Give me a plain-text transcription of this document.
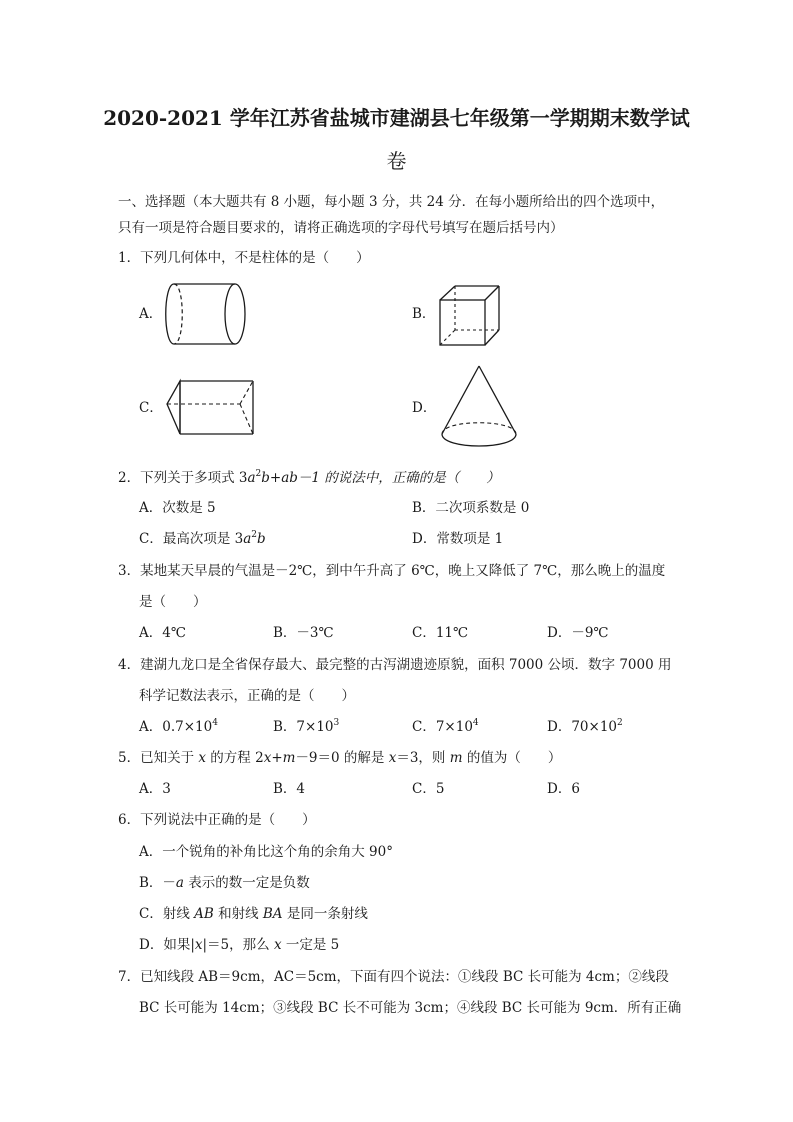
2020-2021 学年江苏省盐城市建湖县七年级第一学期期末数学试
卷
一、选择题（本大题共有 8 小题，每小题 3 分，共 24 分．在每小题所给出的四个选项中，
只有一项是符合题目要求的，请将正确选项的字母代号填写在题后括号内）
1．下列几何体中，不是柱体的是（　　）
A．	B．
C．	D．
2．下列关于多项式 $3a^2b+ab-1$ 的说法中，正确的是（　　）
A．次数是 5	B．二次项系数是 0
C．最高次项是 $3a^2b$	D．常数项是 1
3．某地某天早晨的气温是－2℃，到中午升高了 6℃，晚上又降低了 7℃，那么晚上的温度
是（　　）
A．4℃	B．－3℃	C．11℃	D．－9℃
4．建湖九龙口是全省保存最大、最完整的古泻湖遗迹原貌，面积 7000 公顷．数字 7000 用
科学记数法表示，正确的是（　　）
A．$0.7\times 10^4$	B．$7\times 10^3$	C．$7\times 10^4$	D．$70\times 10^2$
5．已知关于 x 的方程 2x+m－9＝0 的解是 x＝3，则 m 的值为（　　）
A．3	B．4	C．5	D．6
6．下列说法中正确的是（　　）
A．一个锐角的补角比这个角的余角大 90°
B．－a 表示的数一定是负数
C．射线 AB 和射线 BA 是同一条射线
D．如果|x|＝5，那么 x 一定是 5
7．已知线段 AB＝9cm，AC＝5cm，下面有四个说法：①线段 BC 长可能为 4cm；②线段
BC 长可能为 14cm；③线段 BC 长不可能为 3cm；④线段 BC 长可能为 9cm．所有正确
